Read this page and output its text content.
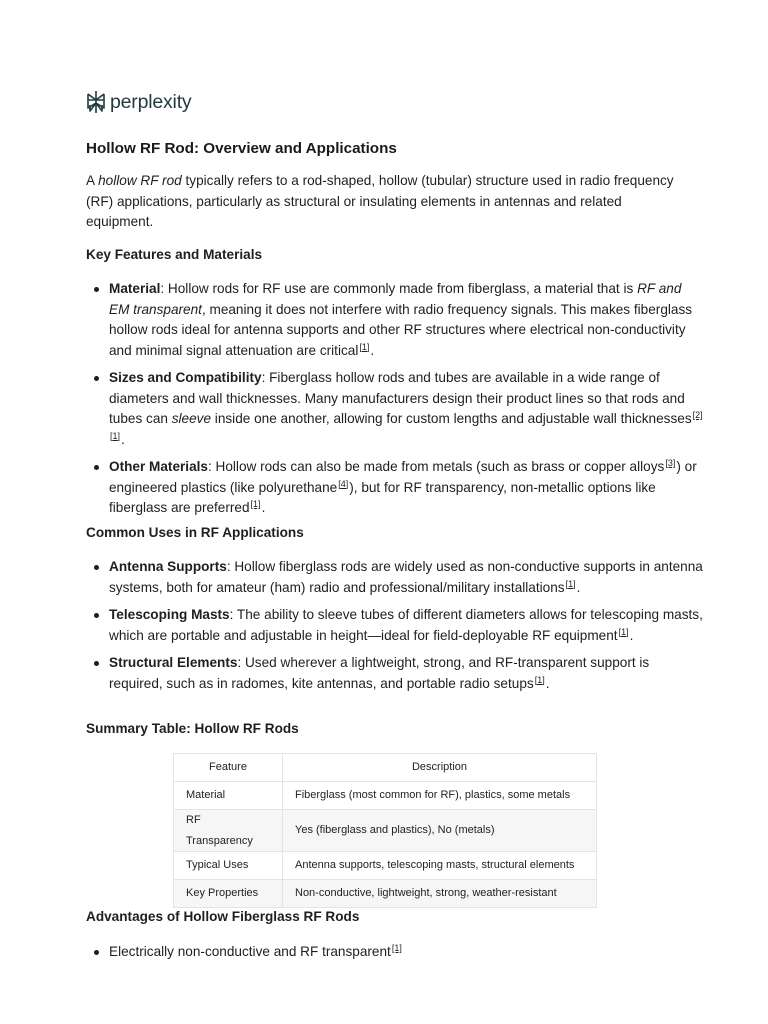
perplexity
Hollow RF Rod: Overview and Applications

A hollow RF rod typically refers to a rod-shaped, hollow (tubular) structure used in radio frequency (RF) applications, particularly as structural or insulating elements in antennas and related equipment.

Key Features and Materials
Material: Hollow rods for RF use are commonly made from fiberglass, a material that is RF and EM transparent, meaning it does not interfere with radio frequency signals. This makes fiberglass hollow rods ideal for antenna supports and other RF structures where electrical non-conductivity and minimal signal attenuation are critical[1].
Sizes and Compatibility: Fiberglass hollow rods and tubes are available in a wide range of diameters and wall thicknesses. Many manufacturers design their product lines so that rods and tubes can sleeve inside one another, allowing for custom lengths and adjustable wall thicknesses[2][1].
Other Materials: Hollow rods can also be made from metals (such as brass or copper alloys[3]) or engineered plastics (like polyurethane[4]), but for RF transparency, non-metallic options like fiberglass are preferred[1].
Common Uses in RF Applications
Antenna Supports: Hollow fiberglass rods are widely used as non-conductive supports in antenna systems, both for amateur (ham) radio and professional/military installations[1].
Telescoping Masts: The ability to sleeve tubes of different diameters allows for telescoping masts, which are portable and adjustable in height—ideal for field-deployable RF equipment[1].
Structural Elements: Used wherever a lightweight, strong, and RF-transparent support is required, such as in radomes, kite antennas, and portable radio setups[1].
Summary Table: Hollow RF Rods
Feature	Description
Material	Fiberglass (most common for RF), plastics, some metals
RF Transparency	Yes (fiberglass and plastics), No (metals)
Typical Uses	Antenna supports, telescoping masts, structural elements
Key Properties	Non-conductive, lightweight, strong, weather-resistant
Advantages of Hollow Fiberglass RF Rods
Electrically non-conductive and RF transparent[1]
